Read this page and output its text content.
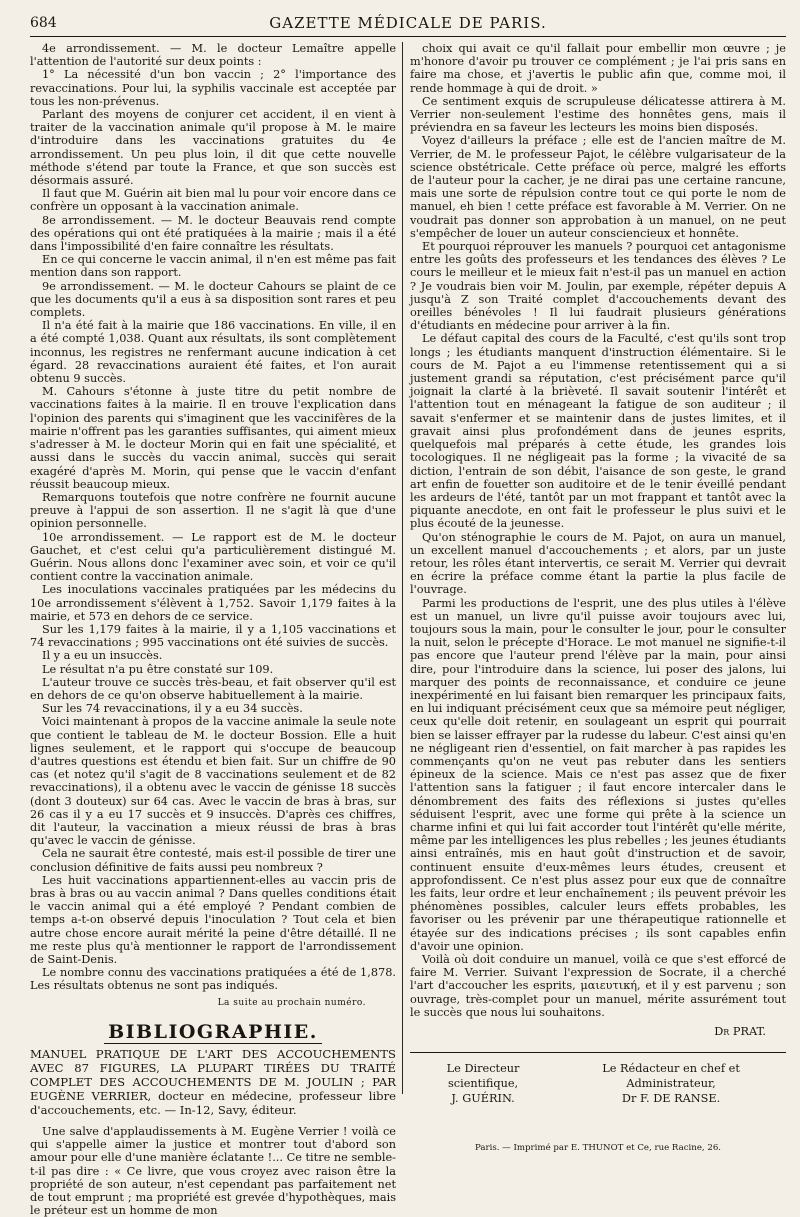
684	GAZETTE MÉDICALE DE PARIS.

4e arrondissement. — M. le docteur Lemaître appelle l'attention de l'autorité sur deux points :

1° La nécessité d'un bon vaccin ; 2° l'importance des revaccinations. Pour lui, la syphilis vaccinale est acceptée par tous les non-prévenus.

Parlant des moyens de conjurer cet accident, il en vient à traiter de la vaccination animale qu'il propose à M. le maire d'introduire dans les vaccinations gratuites du 4e arrondissement. Un peu plus loin, il dit que cette nouvelle méthode s'étend par toute la France, et que son succès est désormais assuré.

Il faut que M. Guérin ait bien mal lu pour voir encore dans ce confrère un opposant à la vaccination animale.

8e arrondissement. — M. le docteur Beauvais rend compte des opérations qui ont été pratiquées à la mairie ; mais il a été dans l'impossibilité d'en faire connaître les résultats.

En ce qui concerne le vaccin animal, il n'en est même pas fait mention dans son rapport.

9e arrondissement. — M. le docteur Cahours se plaint de ce que les documents qu'il a eus à sa disposition sont rares et peu complets.

Il n'a été fait à la mairie que 186 vaccinations. En ville, il en a été compté 1,038. Quant aux résultats, ils sont complètement inconnus, les registres ne renfermant aucune indication à cet égard. 28 revaccinations auraient été faites, et l'on aurait obtenu 9 succès.

M. Cahours s'étonne à juste titre du petit nombre de vaccinations faites à la mairie. Il en trouve l'explication dans l'opinion des parents qui s'imaginent que les vaccinifères de la mairie n'offrent pas les garanties suffisantes, qui aiment mieux s'adresser à M. le docteur Morin qui en fait une spécialité, et aussi dans le succès du vaccin animal, succès qui serait exagéré d'après M. Morin, qui pense que le vaccin d'enfant réussit beaucoup mieux.

Remarquons toutefois que notre confrère ne fournit aucune preuve à l'appui de son assertion. Il ne s'agit là que d'une opinion personnelle.

10e arrondissement. — Le rapport est de M. le docteur Gauchet, et c'est celui qu'a particulièrement distingué M. Guérin. Nous allons donc l'examiner avec soin, et voir ce qu'il contient contre la vaccination animale.

Les inoculations vaccinales pratiquées par les médecins du 10e arrondissement s'élèvent à 1,752. Savoir 1,179 faites à la mairie, et 573 en dehors de ce service.

Sur les 1,179 faites à la mairie, il y a 1,105 vaccinations et 74 revaccinations ; 995 vaccinations ont été suivies de succès.

Il y a eu un insuccès.

Le résultat n'a pu être constaté sur 109.

L'auteur trouve ce succès très-beau, et fait observer qu'il est en dehors de ce qu'on observe habituellement à la mairie.

Sur les 74 revaccinations, il y a eu 34 succès.

Voici maintenant à propos de la vaccine animale la seule note que contient le tableau de M. le docteur Bossion. Elle a huit lignes seulement, et le rapport qui s'occupe de beaucoup d'autres questions est étendu et bien fait. Sur un chiffre de 90 cas (et notez qu'il s'agit de 8 vaccinations seulement et de 82 revaccinations), il a obtenu avec le vaccin de génisse 18 succès (dont 3 douteux) sur 64 cas. Avec le vaccin de bras à bras, sur 26 cas il y a eu 17 succès et 9 insuccès. D'après ces chiffres, dit l'auteur, la vaccination a mieux réussi de bras à bras qu'avec le vaccin de génisse.

Cela ne saurait être contesté, mais est-il possible de tirer une conclusion définitive de faits aussi peu nombreux ?

Les huit vaccinations appartiennent-elles au vaccin pris de bras à bras ou au vaccin animal ? Dans quelles conditions était le vaccin animal qui a été employé ? Pendant combien de temps a-t-on observé depuis l'inoculation ? Tout cela et bien autre chose encore aurait mérité la peine d'être détaillé. Il ne me reste plus qu'à mentionner le rapport de l'arrondissement de Saint-Denis.

Le nombre connu des vaccinations pratiquées a été de 1,878. Les résultats obtenus ne sont pas indiqués.

La suite au prochain numéro.
BIBLIOGRAPHIE.
MANUEL PRATIQUE DE L'ART DES ACCOUCHEMENTS AVEC 87 FIGURES, LA PLUPART TIRÉES DU TRAITÉ COMPLET DES ACCOUCHEMENTS DE M. JOULIN ; PAR EUGÈNE VERRIER, docteur en médecine, professeur libre d'accouchements, etc. — In-12, Savy, éditeur.

Une salve d'applaudissements à M. Eugène Verrier ! voilà ce qui s'appelle aimer la justice et montrer tout d'abord son amour pour elle d'une manière éclatante !... Ce titre ne semble-t-il pas dire : « Ce livre, que vous croyez avec raison être la propriété de son auteur, n'est cependant pas parfaitement net de tout emprunt ; ma propriété est grevée d'hypothèques, mais le préteur est un homme de mon

choix qui avait ce qu'il fallait pour embellir mon œuvre ; je m'honore d'avoir pu trouver ce complément ; je l'ai pris sans en faire ma chose, et j'avertis le public afin que, comme moi, il rende hommage à qui de droit. »

Ce sentiment exquis de scrupuleuse délicatesse attirera à M. Verrier non-seulement l'estime des honnêtes gens, mais il préviendra en sa faveur les lecteurs les moins bien disposés.

Voyez d'ailleurs la préface ; elle est de l'ancien maître de M. Verrier, de M. le professeur Pajot, le célèbre vulgarisateur de la science obstétricale. Cette préface où perce, malgré les efforts de l'auteur pour la cacher, je ne dirai pas une certaine rancune, mais une sorte de répulsion contre tout ce qui porte le nom de manuel, eh bien ! cette préface est favorable à M. Verrier. On ne voudrait pas donner son approbation à un manuel, on ne peut s'empêcher de louer un auteur consciencieux et honnête.

Et pourquoi réprouver les manuels ? pourquoi cet antagonisme entre les goûts des professeurs et les tendances des élèves ? Le cours le meilleur et le mieux fait n'est-il pas un manuel en action ? Je voudrais bien voir M. Joulin, par exemple, répéter depuis A jusqu'à Z son Traité complet d'accouchements devant des oreilles bénévoles ! Il lui faudrait plusieurs générations d'étudiants en médecine pour arriver à la fin.

Le défaut capital des cours de la Faculté, c'est qu'ils sont trop longs ; les étudiants manquent d'instruction élémentaire. Si le cours de M. Pajot a eu l'immense retentissement qui a si justement grandi sa réputation, c'est précisément parce qu'il joignait la clarté à la brièveté. Il savait soutenir l'intérêt et l'attention tout en ménageant la fatigue de son auditeur ; il savait s'enfermer et se maintenir dans de justes limites, et il gravait ainsi plus profondément dans de jeunes esprits, quelquefois mal préparés à cette étude, les grandes lois tocologiques. Il ne négligeait pas la forme ; la vivacité de sa diction, l'entrain de son débit, l'aisance de son geste, le grand art enfin de fouetter son auditoire et de le tenir éveillé pendant les ardeurs de l'été, tantôt par un mot frappant et tantôt avec la piquante anecdote, en ont fait le professeur le plus suivi et le plus écouté de la jeunesse.

Qu'on sténographie le cours de M. Pajot, on aura un manuel, un excellent manuel d'accouchements ; et alors, par un juste retour, les rôles étant intervertis, ce serait M. Verrier qui devrait en écrire la préface comme étant la partie la plus facile de l'ouvrage.

Parmi les productions de l'esprit, une des plus utiles à l'élève est un manuel, un livre qu'il puisse avoir toujours avec lui, toujours sous la main, pour le consulter le jour, pour le consulter la nuit, selon le précepte d'Horace. Le mot manuel ne signifie-t-il pas encore que l'auteur prend l'élève par la main, pour ainsi dire, pour l'introduire dans la science, lui poser des jalons, lui marquer des points de reconnaissance, et conduire ce jeune inexpérimenté en lui faisant bien remarquer les principaux faits, en lui indiquant précisément ceux que sa mémoire peut négliger, ceux qu'elle doit retenir, en soulageant un esprit qui pourrait bien se laisser effrayer par la rudesse du labeur. C'est ainsi qu'en ne négligeant rien d'essentiel, on fait marcher à pas rapides les commençants qu'on ne veut pas rebuter dans les sentiers épineux de la science. Mais ce n'est pas assez que de fixer l'attention sans la fatiguer ; il faut encore intercaler dans le dénombrement des faits des réflexions si justes qu'elles séduisent l'esprit, avec une forme qui prête à la science un charme infini et qui lui fait accorder tout l'intérêt qu'elle mérite, même par les intelligences les plus rebelles ; les jeunes étudiants ainsi entraînés, mis en haut goût d'instruction et de savoir, continuent ensuite d'eux-mêmes leurs études, creusent et approfondissent. Ce n'est plus assez pour eux que de connaître les faits, leur ordre et leur enchaînement ; ils peuvent prévoir les phénomènes possibles, calculer leurs effets probables, les favoriser ou les prévenir par une thérapeutique rationnelle et étayée sur des indications précises ; ils sont capables enfin d'avoir une opinion.

Voilà où doit conduire un manuel, voilà ce que s'est efforcé de faire M. Verrier. Suivant l'expression de Socrate, il a cherché l'art d'accoucher les esprits, μαιευτική, et il y est parvenu ; son ouvrage, très-complet pour un manuel, mérite assurément tout le succès que nous lui souhaitons.

Dr PRAT.
Le Directeur scientifique,
J. GUÉRIN.
Le Rédacteur en chef et Administrateur,
Dr F. DE RANSE.
Paris. — Imprimé par E. THUNOT et Ce, rue Racine, 26.
